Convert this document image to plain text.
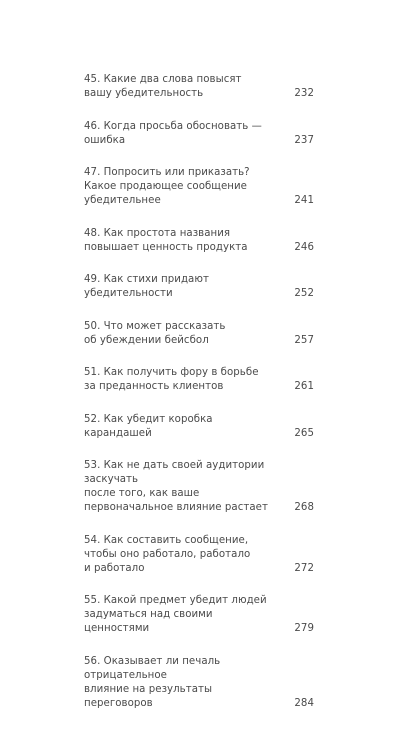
45. Какие два слова повысят
вашу убедительность	232
46. Когда просьба обосновать —
ошибка	237
47. Попросить или приказать?
Какое продающее сообщение
убедительнее	241
48. Как простота названия
повышает ценность продукта	246
49. Как стихи придают убедительности	252
50. Что может рассказать
об убеждении бейсбол	257
51. Как получить фору в борьбе
за преданность клиентов	261
52. Как убедит коробка карандашей	265
53. Как не дать своей аудитории заскучать
после того, как ваше
первоначальное влияние растает	268
54. Как составить сообщение,
чтобы оно работало, работало
и работало	272
55. Какой предмет убедит людей
задуматься над своими ценностями	279
56. Оказывает ли печаль отрицательное
влияние на результаты переговоров	284
